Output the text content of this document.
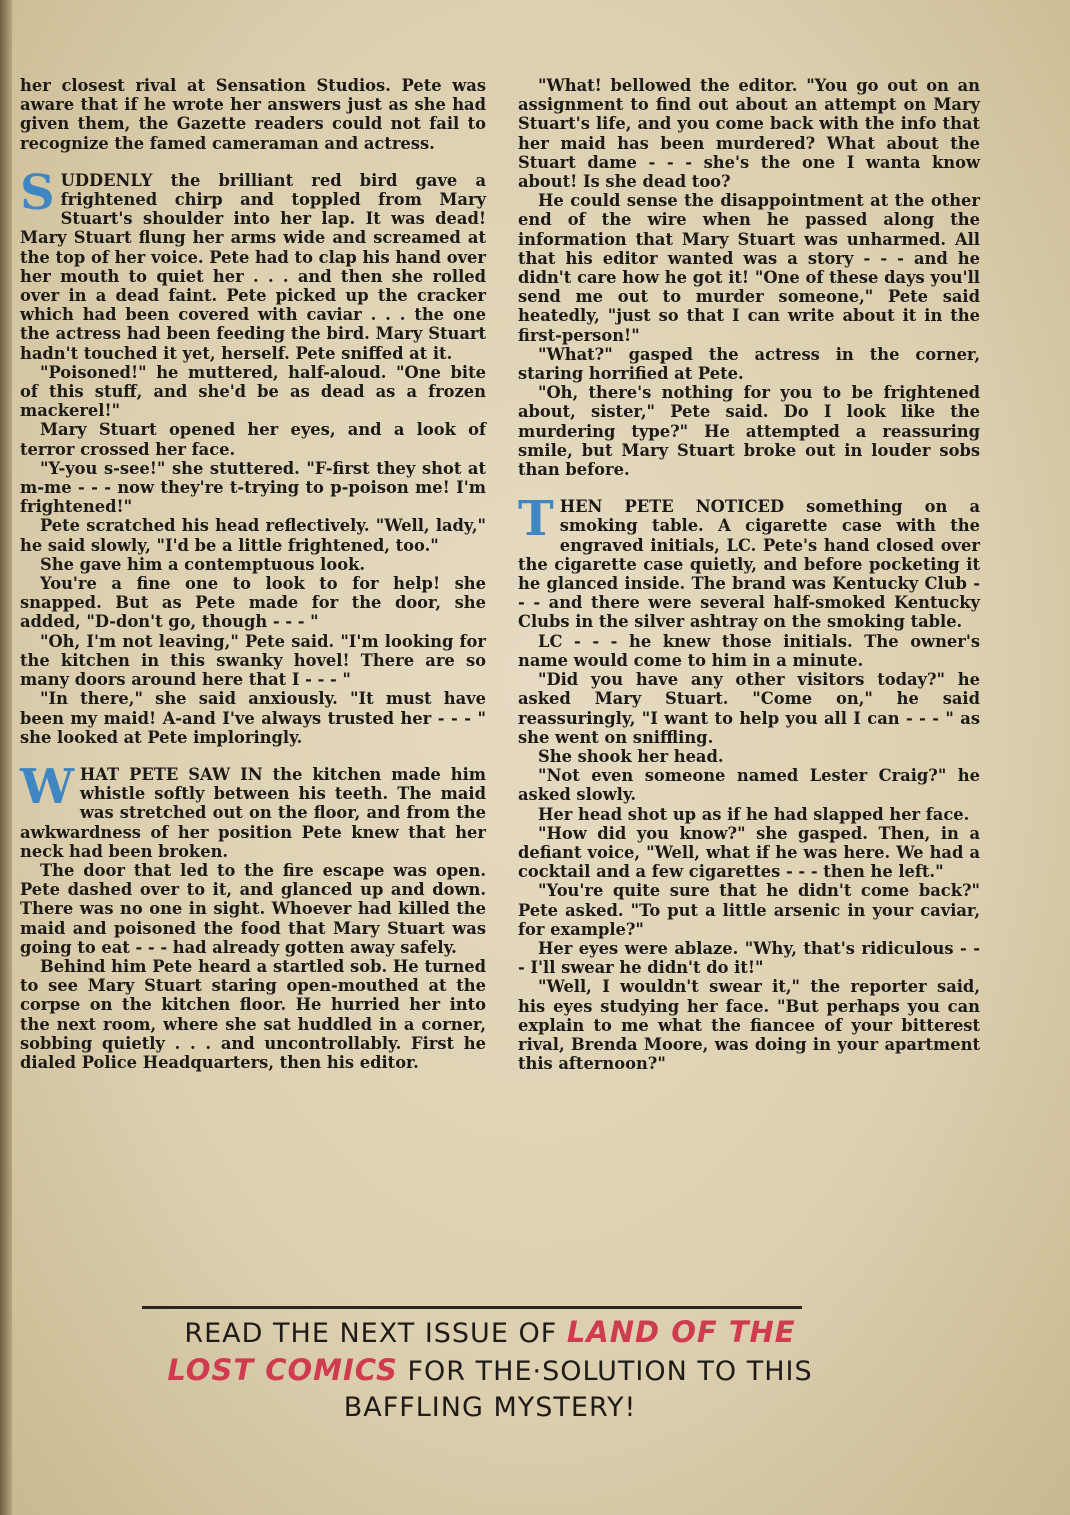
her closest rival at Sensation Studios. Pete was aware that if he wrote her answers just as she had given them, the Gazette readers could not fail to recognize the famed cameraman and actress.

SUDDENLY the brilliant red bird gave a frightened chirp and toppled from Mary Stuart's shoulder into her lap. It was dead! Mary Stuart flung her arms wide and screamed at the top of her voice. Pete had to clap his hand over her mouth to quiet her . . . and then she rolled over in a dead faint. Pete picked up the cracker which had been covered with caviar . . . the one the actress had been feeding the bird. Mary Stuart hadn't touched it yet, herself. Pete sniffed at it.

"Poisoned!" he muttered, half-aloud. "One bite of this stuff, and she'd be as dead as a frozen mackerel!"

Mary Stuart opened her eyes, and a look of terror crossed her face.

"Y-you s-see!" she stuttered. "F-first they shot at m-me - - - now they're t-trying to p-poison me! I'm frightened!"

Pete scratched his head reflectively. "Well, lady," he said slowly, "I'd be a little frightened, too."

She gave him a contemptuous look.

You're a fine one to look to for help! she snapped. But as Pete made for the door, she added, "D-don't go, though - - - "

"Oh, I'm not leaving," Pete said. "I'm looking for the kitchen in this swanky hovel! There are so many doors around here that I - - - "

"In there," she said anxiously. "It must have been my maid! A-and I've always trusted her - - - " she looked at Pete imploringly.

WHAT PETE SAW IN the kitchen made him whistle softly between his teeth. The maid was stretched out on the floor, and from the awkwardness of her position Pete knew that her neck had been broken.

The door that led to the fire escape was open. Pete dashed over to it, and glanced up and down. There was no one in sight. Whoever had killed the maid and poisoned the food that Mary Stuart was going to eat - - - had already gotten away safely.

Behind him Pete heard a startled sob. He turned to see Mary Stuart staring open-mouthed at the corpse on the kitchen floor. He hurried her into the next room, where she sat huddled in a corner, sobbing quietly . . . and uncontrollably. First he dialed Police Headquarters, then his editor.

"What! bellowed the editor. "You go out on an assignment to find out about an attempt on Mary Stuart's life, and you come back with the info that her maid has been murdered? What about the Stuart dame - - - she's the one I wanta know about! Is she dead too?

He could sense the disappointment at the other end of the wire when he passed along the information that Mary Stuart was unharmed. All that his editor wanted was a story - - - and he didn't care how he got it! "One of these days you'll send me out to murder someone," Pete said heatedly, "just so that I can write about it in the first-person!"

"What?" gasped the actress in the corner, staring horrified at Pete.

"Oh, there's nothing for you to be frightened about, sister," Pete said. Do I look like the murdering type?" He attempted a reassuring smile, but Mary Stuart broke out in louder sobs than before.

THEN PETE NOTICED something on a smoking table. A cigarette case with the engraved initials, LC. Pete's hand closed over the cigarette case quietly, and before pocketing it he glanced inside. The brand was Kentucky Club - - - and there were several half-smoked Kentucky Clubs in the silver ashtray on the smoking table.

LC - - - he knew those initials. The owner's name would come to him in a minute.

"Did you have any other visitors today?" he asked Mary Stuart. "Come on," he said reassuringly, "I want to help you all I can - - - " as she went on sniffling.

She shook her head.

"Not even someone named Lester Craig?" he asked slowly.

Her head shot up as if he had slapped her face.

"How did you know?" she gasped. Then, in a defiant voice, "Well, what if he was here. We had a cocktail and a few cigarettes - - - then he left."

"You're quite sure that he didn't come back?" Pete asked. "To put a little arsenic in your caviar, for example?"

Her eyes were ablaze. "Why, that's ridiculous - - - I'll swear he didn't do it!"

"Well, I wouldn't swear it," the reporter said, his eyes studying her face. "But perhaps you can explain to me what the fiancee of your bitterest rival, Brenda Moore, was doing in your apartment this afternoon?"

READ THE NEXT ISSUE OF LAND OF THE
LOST COMICS FOR THE·SOLUTION TO THIS
BAFFLING MYSTERY!
